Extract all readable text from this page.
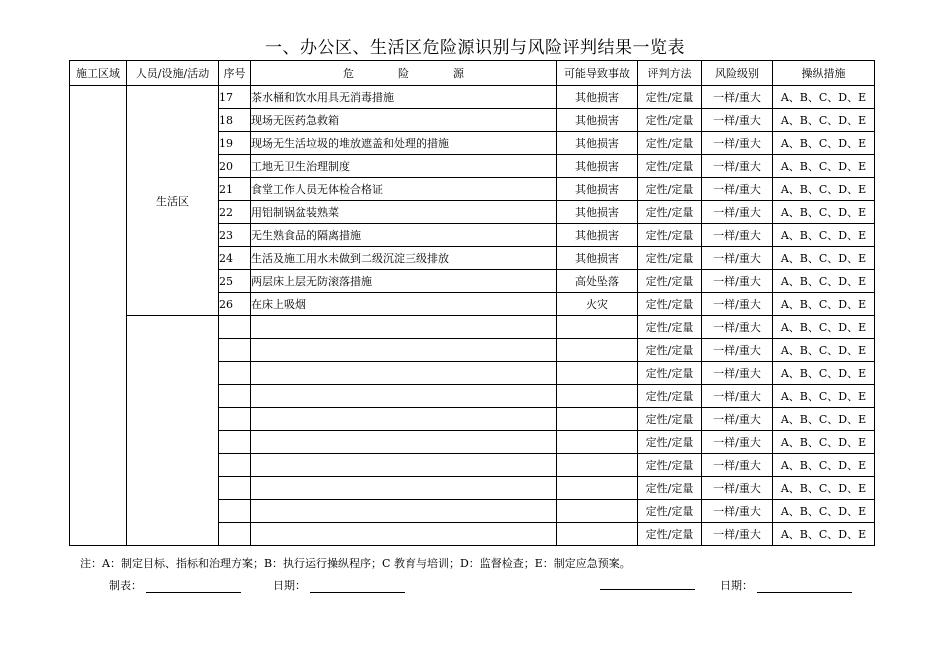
一、办公区、生活区危险源识别与风险评判结果一览表
施工区域	人员/设施/活动	序号	危　　　　险　　　　源	可能导致事故	评判方法	风险级别	操纵措施
	生活区	17	茶水桶和饮水用具无消毒措施	其他损害	定性/定量	一样/重大	A、B、C、D、E
		18	现场无医药急救箱	其他损害	定性/定量	一样/重大	A、B、C、D、E
		19	现场无生活垃圾的堆放遮盖和处理的措施	其他损害	定性/定量	一样/重大	A、B、C、D、E
		20	工地无卫生治理制度	其他损害	定性/定量	一样/重大	A、B、C、D、E
		21	食堂工作人员无体检合格证	其他损害	定性/定量	一样/重大	A、B、C、D、E
		22	用铝制锅盆装熟菜	其他损害	定性/定量	一样/重大	A、B、C、D、E
		23	无生熟食品的隔离措施	其他损害	定性/定量	一样/重大	A、B、C、D、E
		24	生活及施工用水未做到二级沉淀三级排放	其他损害	定性/定量	一样/重大	A、B、C、D、E
		25	两层床上层无防滚落措施	高处坠落	定性/定量	一样/重大	A、B、C、D、E
		26	在床上吸烟	火灾	定性/定量	一样/重大	A、B、C、D、E
					定性/定量	一样/重大	A、B、C、D、E
					定性/定量	一样/重大	A、B、C、D、E
					定性/定量	一样/重大	A、B、C、D、E
					定性/定量	一样/重大	A、B、C、D、E
					定性/定量	一样/重大	A、B、C、D、E
					定性/定量	一样/重大	A、B、C、D、E
					定性/定量	一样/重大	A、B、C、D、E
					定性/定量	一样/重大	A、B、C、D、E
					定性/定量	一样/重大	A、B、C、D、E
					定性/定量	一样/重大	A、B、C、D、E
注：A：制定目标、指标和治理方案；B：执行运行操纵程序；C 教育与培训；D：监督检查；E：制定应急预案。
制表：	日期：	日期：
